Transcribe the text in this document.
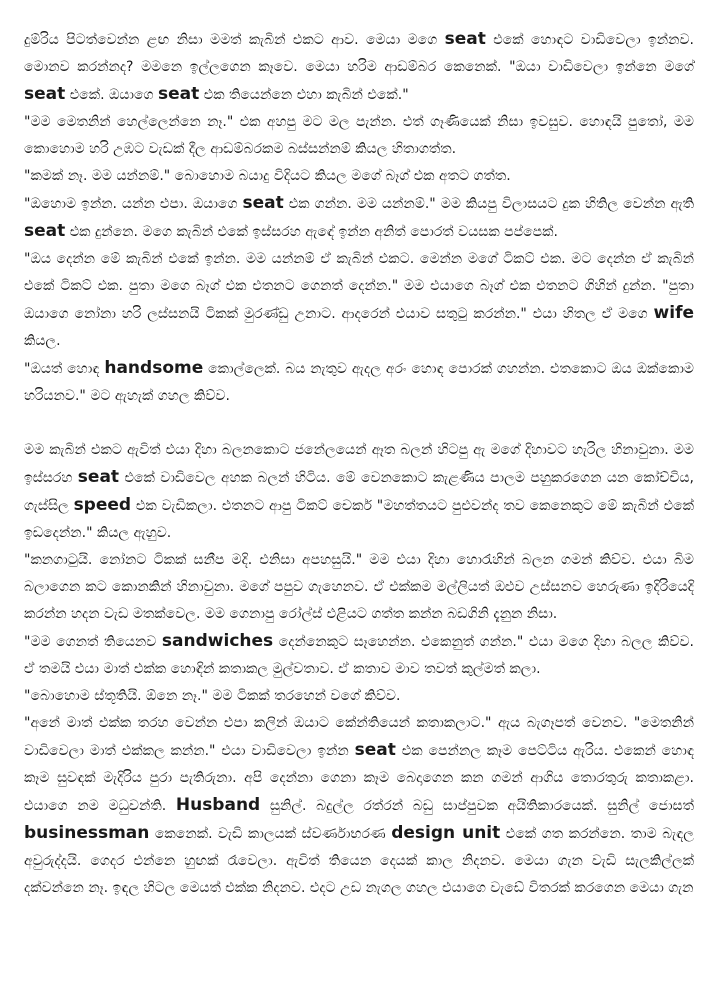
දුම්රිය පිටත්වෙන්න ළඟ නිසා මමත් කැබින් එකට ආව. මෙයා මගෙ seat එකේ හොඳට වාඩිවෙලා ඉන්නව. මොනව කරන්නද? මමනෙ ඉල්ලගෙන කෑවෙ. මෙයා හරිම ආඩම්බර කෙනෙක්. "ඔයා වාඩිවෙලා ඉන්නෙ මගේ seat එකේ. ඔයාගෙ seat එක තියෙන්නෙ එහා කැබින් එකේ."

"මම මෙතනින් හෙල්ලෙන්නෙ නෑ." එක අහපු මට මල පැන්න. එත් ගෑණියෙක් නිසා ඉවසුව. හොඳයි පුතෝ, මම කොහොම හරි උඹට වැඩක් දීල ආඩම්බරකම බස්සන්නම් කියල හිතාගත්ත.

"කමක් නෑ. මම යන්නම්." බොහොම බයාදු විදියට කියල මගේ බෑග් එක අතට ගත්ත.

"ඔහොම ඉන්න. යන්න එපා. ඔයාගෙ seat එක ගන්න. මම යන්නම්." මම කියපු විලාසයට දුක හිතිල වෙන්න ඇති seat එක දුන්නෙ. මගෙ කැබින් එකේ ඉස්සරහ ඇඳේ ඉන්න අනිත් පොරත් වයසක පප්පෙක්.

"ඔය දෙන්න මේ කැබින් එකේ ඉන්න. මම යන්නම් ඒ කැබින් එකට. මෙන්න මගේ ටිකට් එක. මට දෙන්න ඒ කැබින් එකේ ටිකට් එක. පුතා මගෙ බෑග් එක එතනට ගෙනත් දෙන්න." මම එයාගෙ බෑග් එක එතනට ගිහින් දුන්න. "පුතා ඔයාගෙ නෝනා හරි ලස්සනයි ටිකක් මුරණ්ඩු උනාට. ආදරෙන් එයාව සතුටු කරන්න." එයා හිතල ඒ මගෙ wife කියල.

"ඔයත් හොඳ handsome කොල්ලෙක්. බය නැතුව ඇදල අරං හොඳ පොරක් ගහන්න. එතකොට ඔය ඔක්කොම හරියනව." මට ඇහැක් ගහල කිව්ව.

මම කැබින් එකට ඇවිත් එයා දිහා බලනකොට ජනේලයෙන් ඈත බලන් හිටපු ඇ මගේ දිහාවට හැරිල හිනාවුනා. මම ඉස්සරහ seat එකේ වාඩිවෙල අහක බලන් හිටිය. මේ වෙනකොට කැළණිය පාලම පහුකරගෙන යන කෝච්චිය, ගැස්සිල speed එක වැඩිකලා. එතනට ආපු ටිකට් චෙකර් "මහත්තයට පුළුවන්ද තව කෙනෙකුට මේ කැබින් එකේ ඉඩදෙන්න." කියල ඇහුව.

"කනගාටුයි. නෝනට ටිකක් සනීප මදි. එනිසා අපහසුයි." මම එයා දිහා හොරැහින් බලන ගමන් කිව්ව. එයා බිම බලාගෙන කට කොනකින් හිනාවුනා. මගේ පපුව ගැහෙනව. ඒ එක්කම මල්ලියත් ඔළුව උස්සනව හෙරුණා ඉදිරියෙදි කරන්න හදන වැඩ මතක්වෙල. මම ගෙනාපු රෝල්ස් එළියට ගත්ත කන්න බඩගිනි දැනුන නිසා.

"මම ගෙනත් තියෙනව sandwiches දෙන්නෙකුට සෑහෙන්න. එකෙනුත් ගන්න." එයා මගෙ දිහා බලල කිව්ව. ඒ තමයි එයා මාත් එක්ක හොඳින් කතාකල මුල්වතාව. ඒ කතාව මාව තවත් කුල්මත් කලා.

"බොහොම ස්තූතියි. ඕනෙ නෑ." මම ටිකක් තරහෙන් වගේ කිව්ව.

"අනේ මාත් එක්ක තරහ වෙන්න එපා කලින් ඔයාට කේන්තියෙන් කතාකලාට." ඇය බැගෑපත් වෙනව. "මෙතනින් වාඩිවෙලා මාත් එක්කල කන්න." එයා වාඩිවෙලා ඉන්න seat එක පෙන්නල කෑම පෙට්ටිය ඇරිය. එකෙන් හොඳ කෑම සුවඳක් මැදිරිය පුරා පැතිරුනා. අපි දෙන්නා ගෙනා කෑම බෙදාගෙන කන ගමන් ආගිය තොරතුරු කතාකළා. එයාගෙ නම මධුවන්ති. Husband සුනිල්. බදුල්ල රත්රන් බඩු සාප්පුවක අයිතිකාරයෙක්. සුනිල් ජොසත් businessman කෙනෙක්. වැඩි කාලයක් ස්වර්ණාභරණ design unit එකේ ගත කරන්නෙ. තාම බැඳල අවුරුද්දයි. ගෙදර එන්නෙ හුඟක් රෑවෙලා. ඇවිත් තියෙන දෙයක් කාල නිදනව. මෙයා ගැන වැඩි සැලකිල්ලක් දක්වන්නෙ නෑ. ඉඳල හිටල මෙයත් එක්ක නිදනව. එදට උඩ නැගල ගහල එයාගෙ වැඩේ විතරක් කරගෙන මෙයා ගැන
